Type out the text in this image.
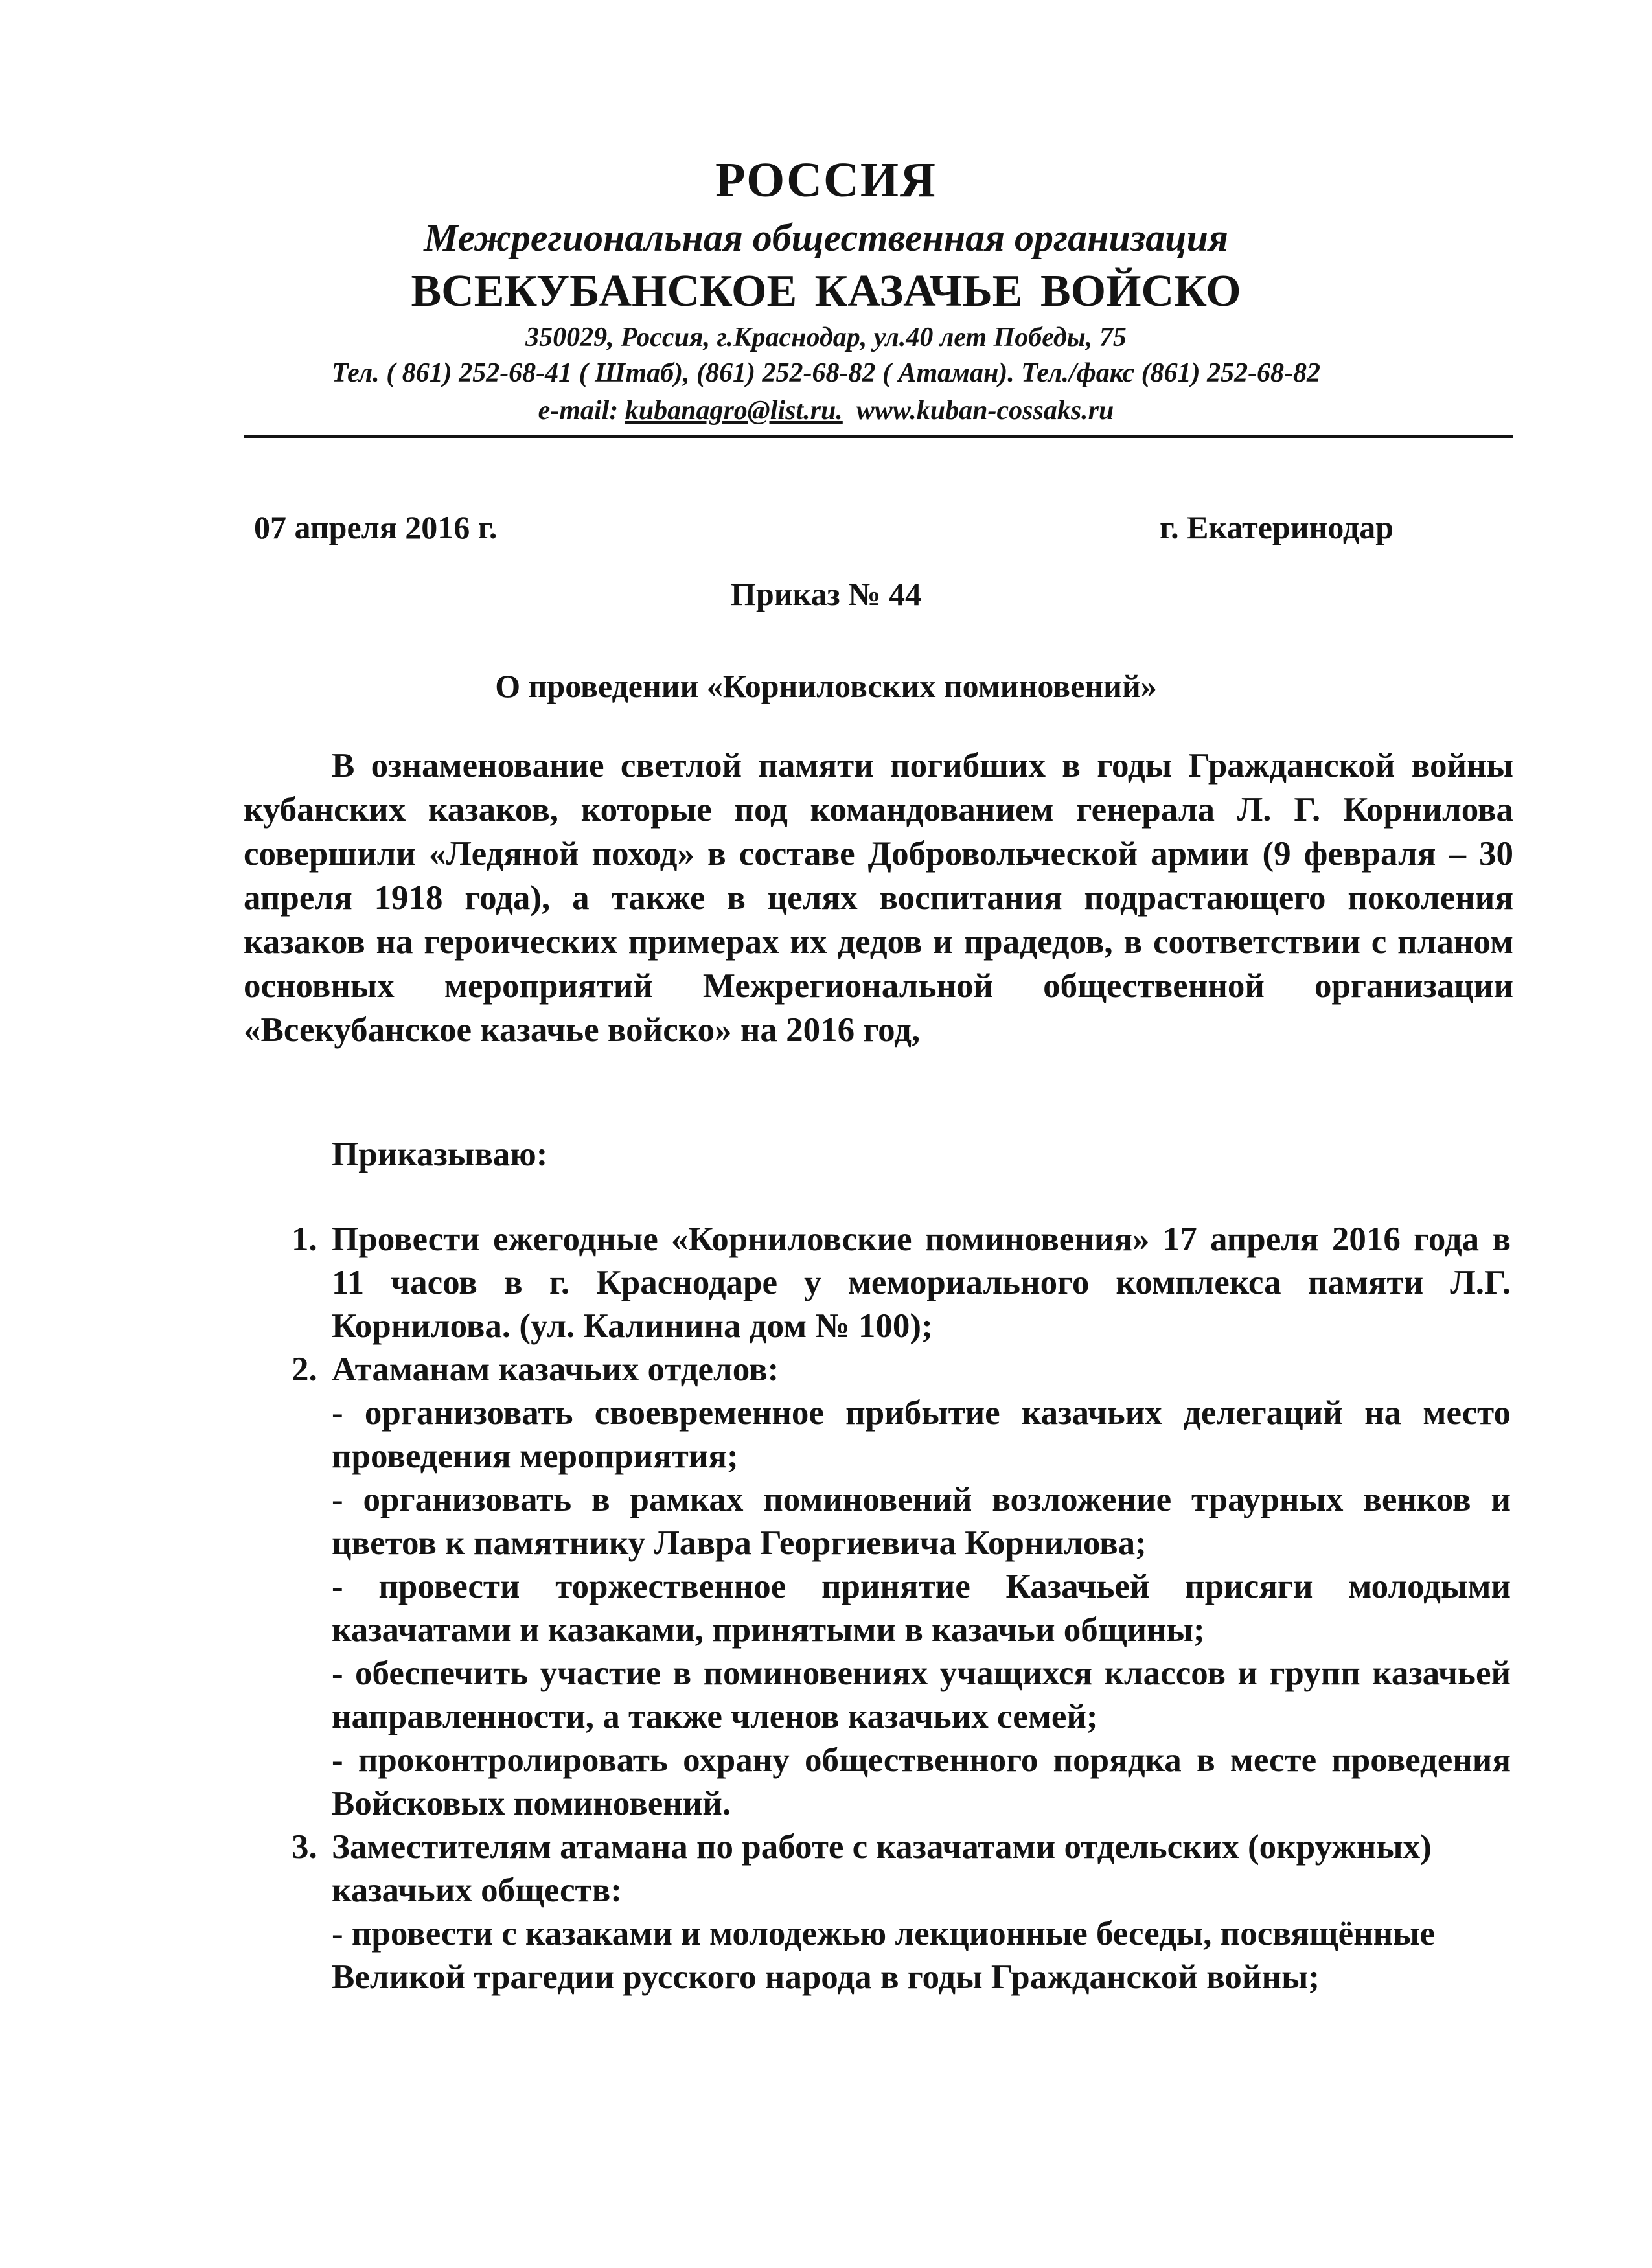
РОССИЯ
Межрегиональная общественная организация
ВСЕКУБАНСКОЕ КАЗАЧЬЕ ВОЙСКО
350029, Россия, г.Краснодар, ул.40 лет Победы, 75
Тел. ( 861) 252-68-41 ( Штаб), (861) 252-68-82 ( Атаман). Тел./факс (861) 252-68-82
e-mail: kubanagro@list.ru. www.kuban-cossaks.ru
07 апреля 2016 г.	г. Екатеринодар
Приказ № 44
О проведении «Корниловских поминовений»

В ознаменование светлой памяти погибших в годы Гражданской войны кубанских казаков, которые под командованием генерала Л. Г. Корнилова совершили «Ледяной поход» в составе Добровольческой армии (9 февраля – 30 апреля 1918 года), а также в целях воспитания подрастающего поколения казаков на героических примерах их дедов и прадедов, в соответствии с планом основных мероприятий Межрегиональной общественной организации «Всекубанское казачье войско» на 2016 год,

Приказываю:
1. Провести ежегодные «Корниловские поминовения» 17 апреля 2016 года в 11 часов в г. Краснодаре у мемориального комплекса памяти Л.Г. Корнилова. (ул. Калинина дом № 100);
2. Атаманам казачьих отделов:
- организовать своевременное прибытие казачьих делегаций на место проведения мероприятия;
- организовать в рамках поминовений возложение траурных венков и цветов к памятнику Лавра Георгиевича Корнилова;
- провести торжественное принятие Казачьей присяги молодыми казачатами и казаками, принятыми в казачьи общины;
- обеспечить участие в поминовениях учащихся классов и групп казачьей направленности, а также членов казачьих семей;
- проконтролировать охрану общественного порядка в месте проведения Войсковых поминовений.
3. Заместителям атамана по работе с казачатами отдельских (окружных) казачьих обществ:
- провести с казаками и молодежью лекционные беседы, посвящённые Великой трагедии русского народа в годы Гражданской войны;
